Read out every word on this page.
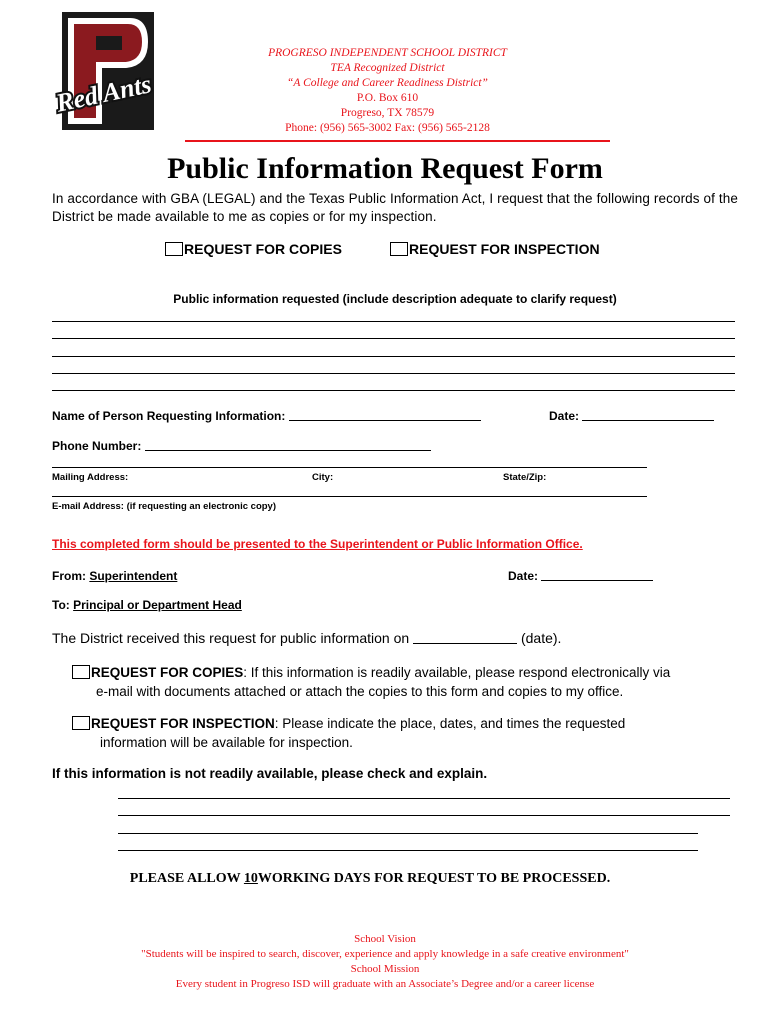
Red Ants
PROGRESO INDEPENDENT SCHOOL DISTRICT
TEA Recognized District
“A College and Career Readiness District”
P.O. Box 610
Progreso, TX 78579
Phone: (956) 565-3002 Fax: (956) 565-2128
Public Information Request Form
In accordance with GBA (LEGAL) and the Texas Public Information Act, I request that the following records of the District be made available to me as copies or for my inspection.
REQUEST FOR COPIES	REQUEST FOR INSPECTION
Public information requested (include description adequate to clarify request)
Name of Person Requesting Information:	Date:
Phone Number:
Mailing Address:	City:	State/Zip:
E-mail Address: (if requesting an electronic copy)
This completed form should be presented to the Superintendent or Public Information Office.
From: Superintendent	Date:
To: Principal or Department Head
The District received this request for public information on	(date).
REQUEST FOR COPIES: If this information is readily available, please respond electronically via
e-mail with documents attached or attach the copies to this form and copies to my office.
REQUEST FOR INSPECTION: Please indicate the place, dates, and times the requested
information will be available for inspection.
If this information is not readily available, please check and explain.
PLEASE ALLOW 10WORKING DAYS FOR REQUEST TO BE PROCESSED.
School Vision
"Students will be inspired to search, discover, experience and apply knowledge in a safe creative environment"
School Mission
Every student in Progreso ISD will graduate with an Associate’s Degree and/or a career license
